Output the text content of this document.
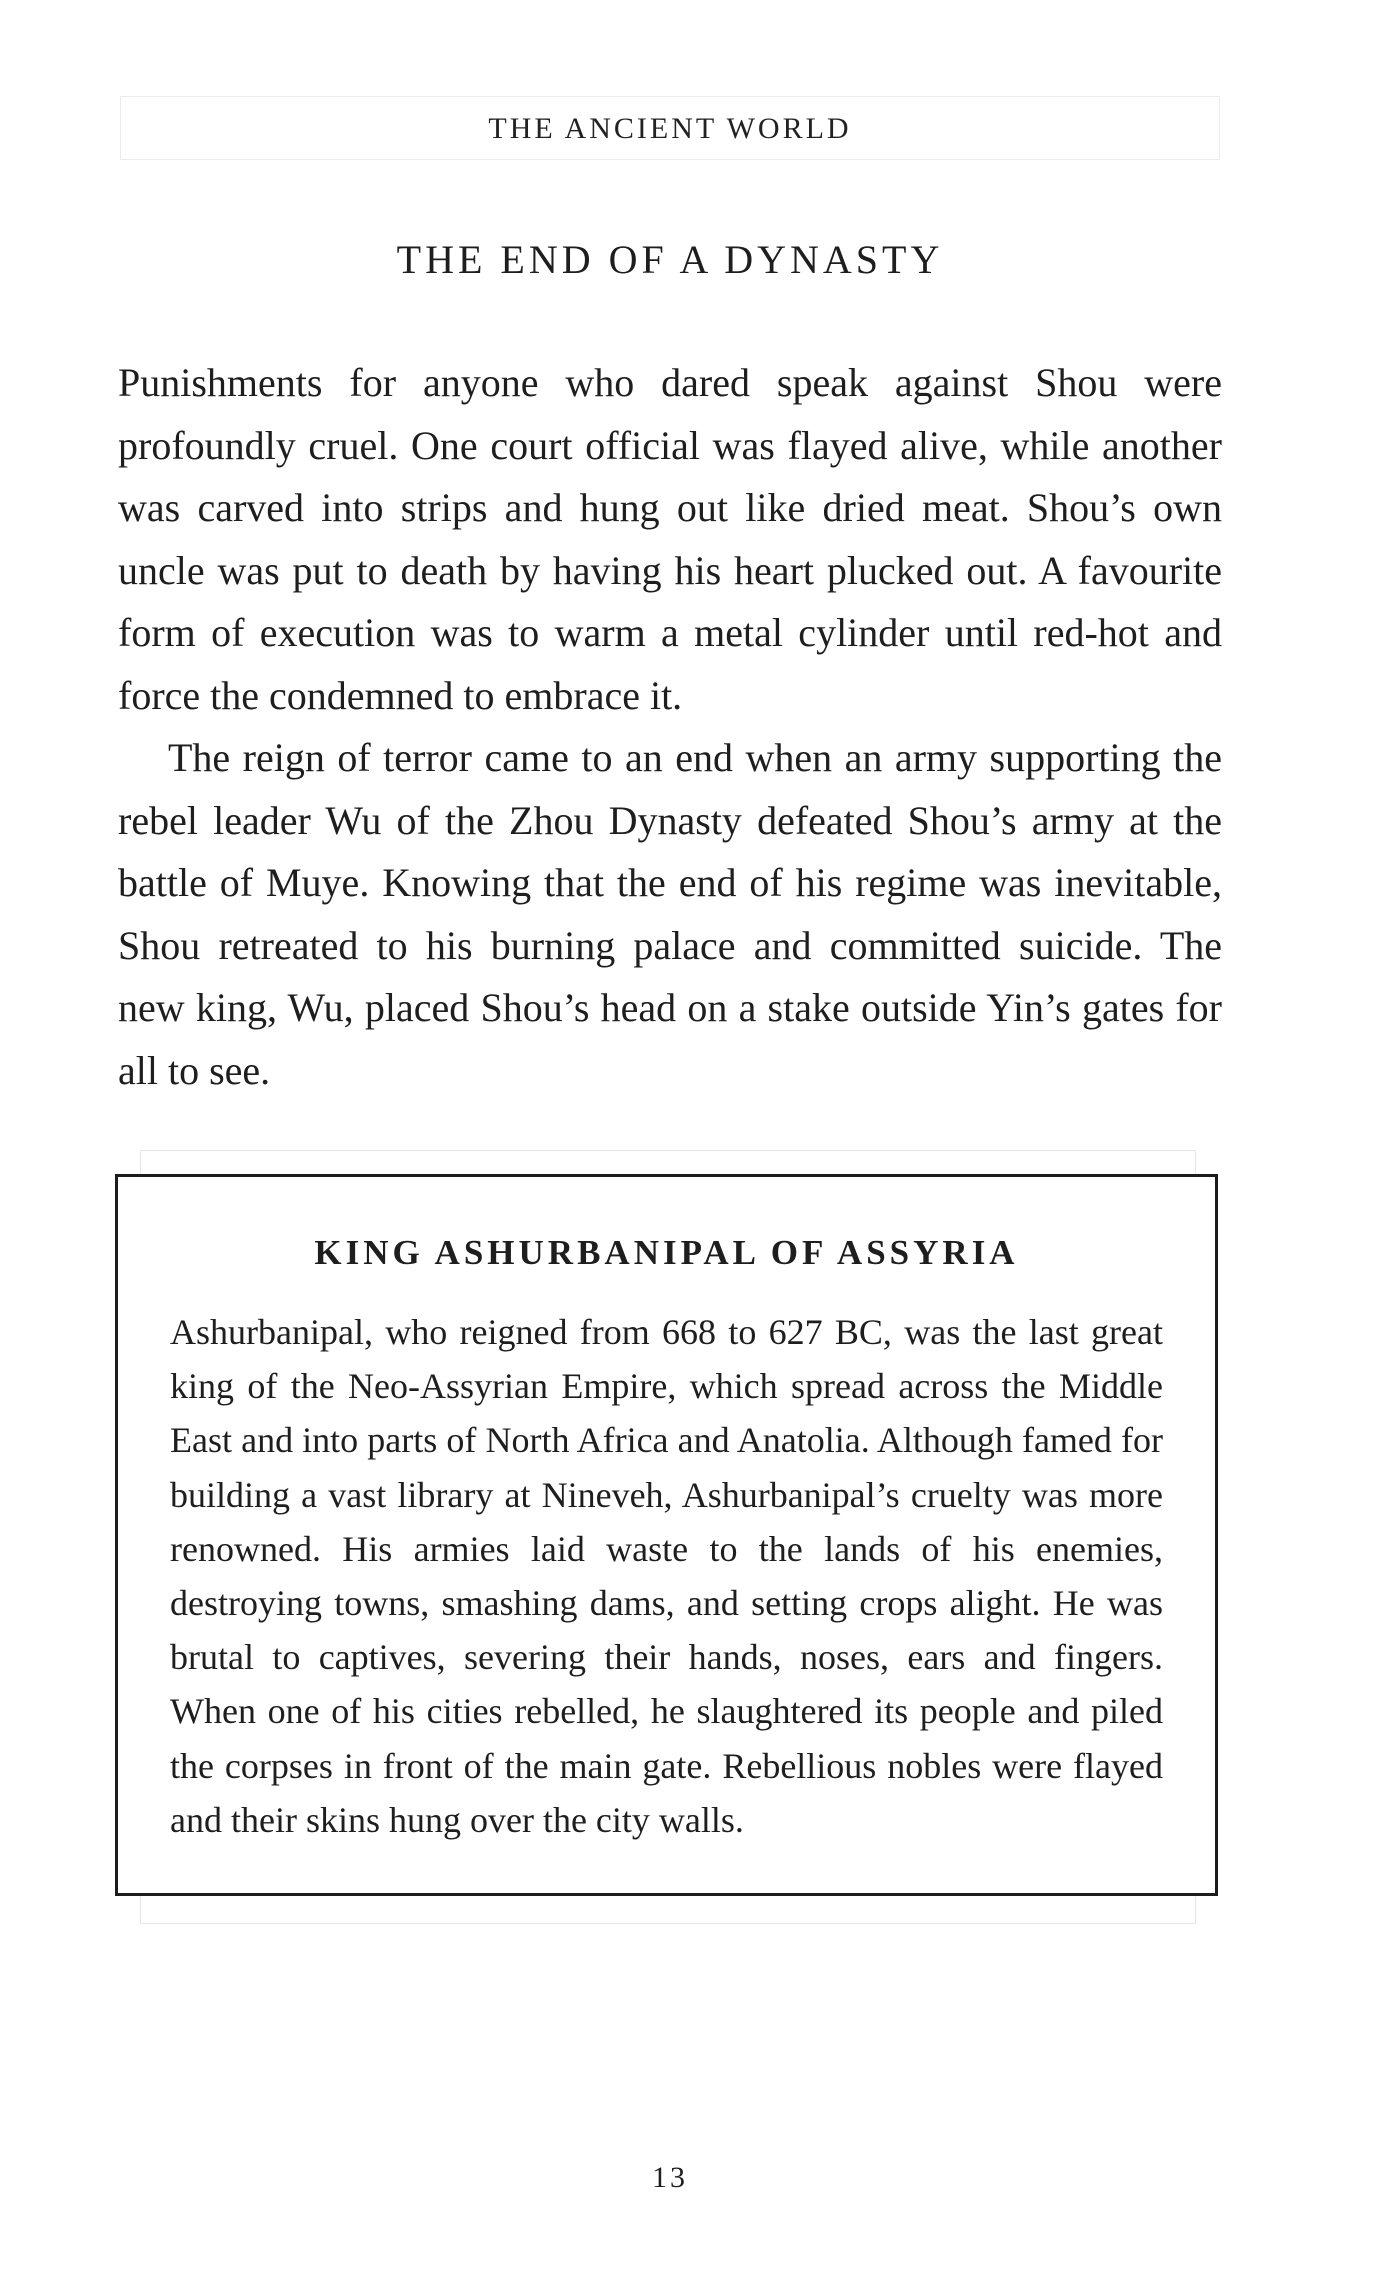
THE ANCIENT WORLD
THE END OF A DYNASTY

Punishments for anyone who dared speak against Shou were profoundly cruel. One court official was flayed alive, while another was carved into strips and hung out like dried meat. Shou’s own uncle was put to death by having his heart plucked out. A favourite form of execution was to warm a metal cylinder until red-hot and force the condemned to embrace it.

The reign of terror came to an end when an army supporting the rebel leader Wu of the Zhou Dynasty defeated Shou’s army at the battle of Muye. Knowing that the end of his regime was inevitable, Shou retreated to his burning palace and committed suicide. The new king, Wu, placed Shou’s head on a stake outside Yin’s gates for all to see.

KING ASHURBANIPAL OF ASSYRIA
Ashurbanipal, who reigned from 668 to 627 BC, was the last great king of the Neo-Assyrian Empire, which spread across the Middle East and into parts of North Africa and Anatolia. Although famed for building a vast library at Nineveh, Ashurbanipal’s cruelty was more renowned. His armies laid waste to the lands of his enemies, destroying towns, smashing dams, and setting crops alight. He was brutal to captives, severing their hands, noses, ears and fingers. When one of his cities rebelled, he slaughtered its people and piled the corpses in front of the main gate. Rebellious nobles were flayed and their skins hung over the city walls.
13
